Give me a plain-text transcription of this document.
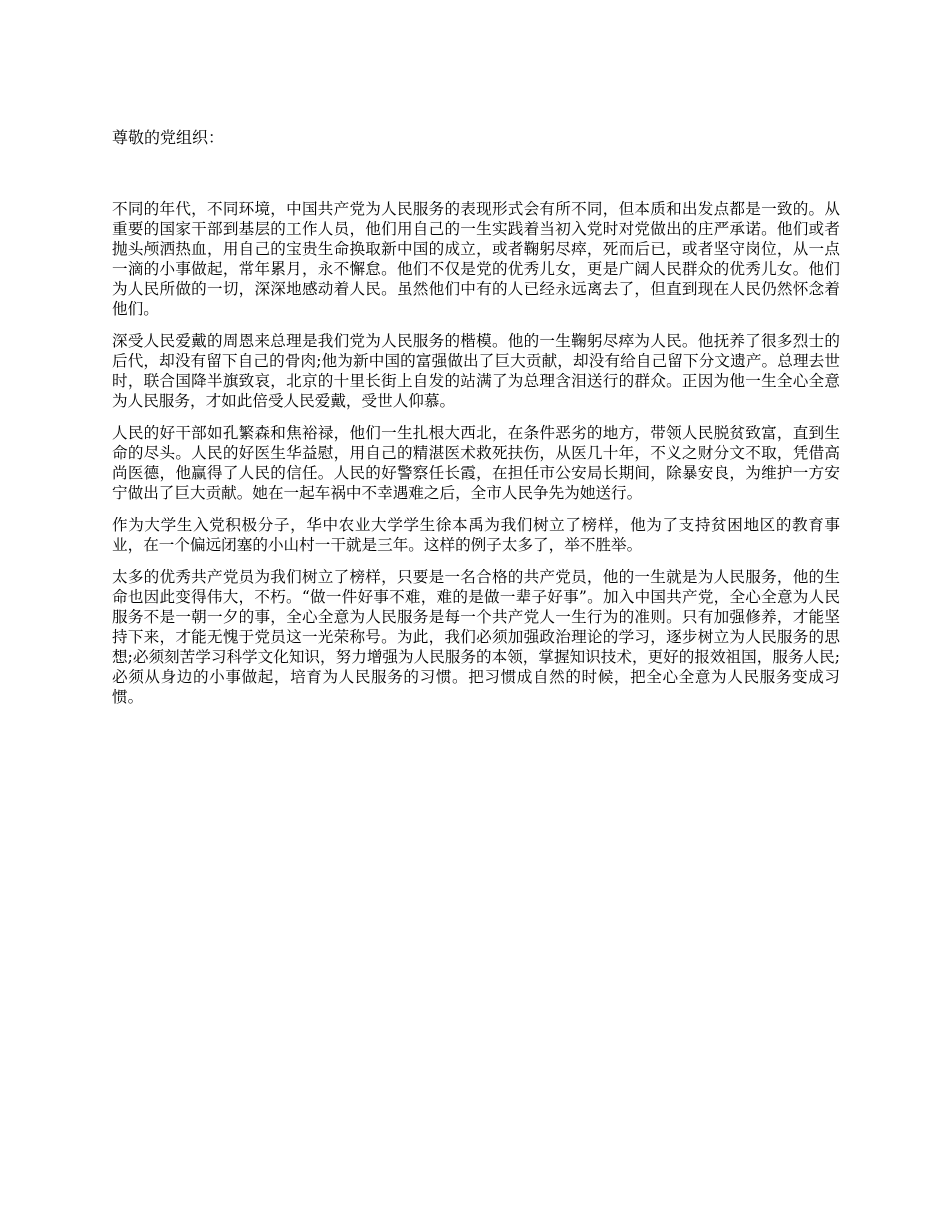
尊敬的党组织：

不同的年代，不同环境，中国共产党为人民服务的表现形式会有所不同，但本质和出发点都是一致的。从重要的国家干部到基层的工作人员，他们用自己的一生实践着当初入党时对党做出的庄严承诺。他们或者抛头颅洒热血，用自己的宝贵生命换取新中国的成立，或者鞠躬尽瘁，死而后已，或者坚守岗位，从一点一滴的小事做起，常年累月，永不懈怠。他们不仅是党的优秀儿女，更是广阔人民群众的优秀儿女。他们为人民所做的一切，深深地感动着人民。虽然他们中有的人已经永远离去了，但直到现在人民仍然怀念着他们。

深受人民爱戴的周恩来总理是我们党为人民服务的楷模。他的一生鞠躬尽瘁为人民。他抚养了很多烈士的后代，却没有留下自己的骨肉;他为新中国的富强做出了巨大贡献，却没有给自己留下分文遗产。总理去世时，联合国降半旗致哀，北京的十里长街上自发的站满了为总理含泪送行的群众。正因为他一生全心全意为人民服务，才如此倍受人民爱戴，受世人仰慕。

人民的好干部如孔繁森和焦裕禄，他们一生扎根大西北，在条件恶劣的地方，带领人民脱贫致富，直到生命的尽头。人民的好医生华益慰，用自己的精湛医术救死扶伤，从医几十年，不义之财分文不取，凭借高尚医德，他赢得了人民的信任。人民的好警察任长霞，在担任市公安局长期间，除暴安良，为维护一方安宁做出了巨大贡献。她在一起车祸中不幸遇难之后，全市人民争先为她送行。

作为大学生入党积极分子，华中农业大学学生徐本禹为我们树立了榜样，他为了支持贫困地区的教育事业，在一个偏远闭塞的小山村一干就是三年。这样的例子太多了，举不胜举。

太多的优秀共产党员为我们树立了榜样，只要是一名合格的共产党员，他的一生就是为人民服务，他的生命也因此变得伟大，不朽。“做一件好事不难，难的是做一辈子好事”。加入中国共产党，全心全意为人民服务不是一朝一夕的事，全心全意为人民服务是每一个共产党人一生行为的准则。只有加强修养，才能坚持下来，才能无愧于党员这一光荣称号。为此，我们必须加强政治理论的学习，逐步树立为人民服务的思想;必须刻苦学习科学文化知识，努力增强为人民服务的本领，掌握知识技术，更好的报效祖国，服务人民;必须从身边的小事做起，培育为人民服务的习惯。把习惯成自然的时候，把全心全意为人民服务变成习惯。
